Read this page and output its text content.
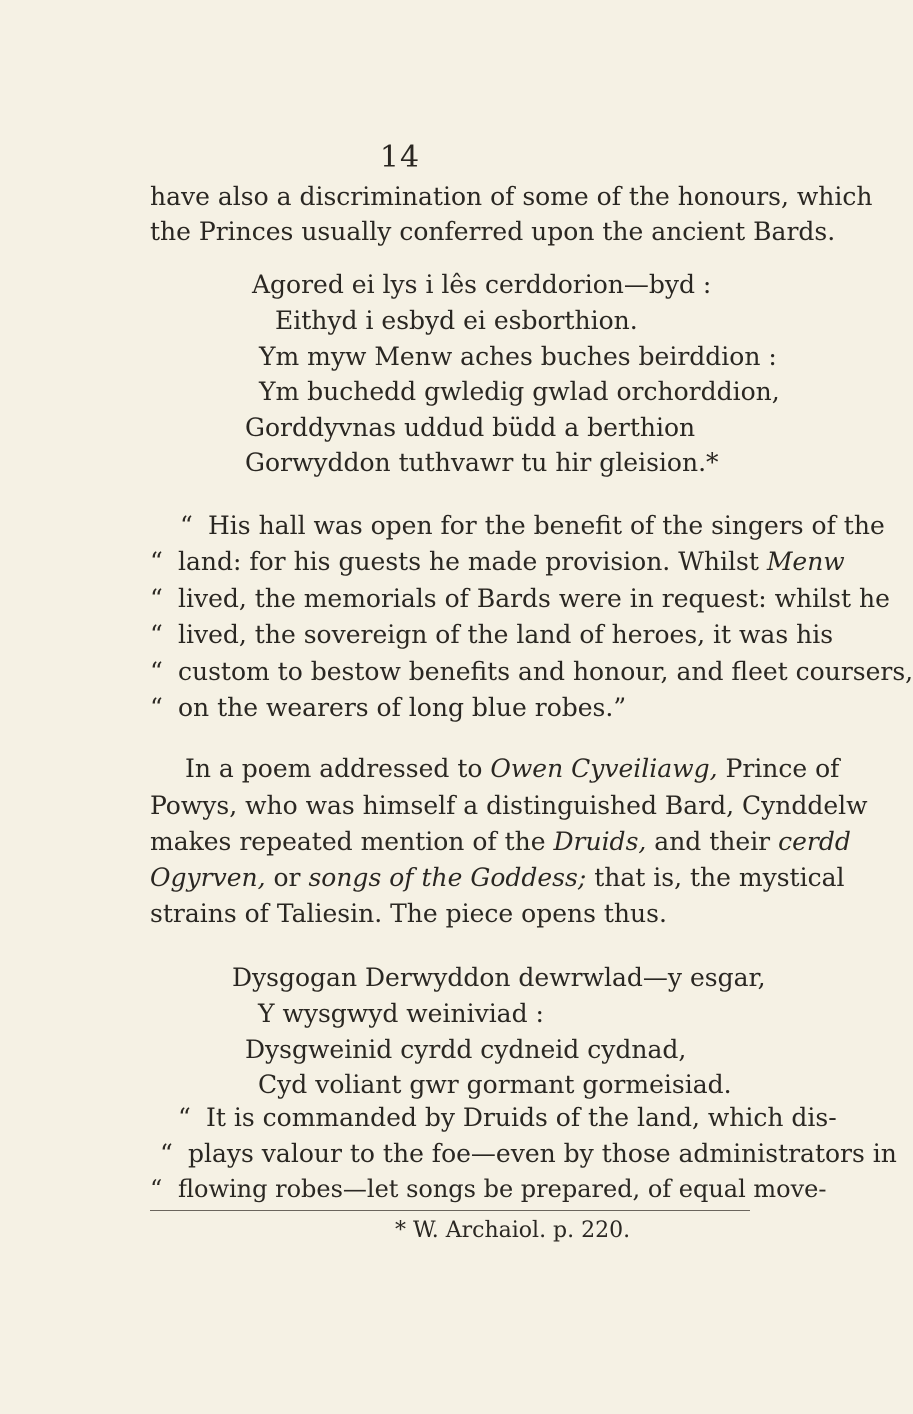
14
have also a discrimination of some of the honours, which
the Princes usually conferred upon the ancient Bards.
Agored ei lys i lês cerddorion—byd :
Eithyd i esbyd ei esborthion.
Ym myw Menw aches buches beirddion :
Ym buchedd gwledig gwlad orchorddion,
Gorddyvnas uddud büdd a berthion
Gorwyddon tuthvawr tu hir gleision.*
“ His hall was open for the benefit of the singers of the
“ land: for his guests he made provision. Whilst Menw
“ lived, the memorials of Bards were in request: whilst he
“ lived, the sovereign of the land of heroes, it was his
“ custom to bestow benefits and honour, and fleet coursers,
“ on the wearers of long blue robes.”
In a poem addressed to Owen Cyveiliawg, Prince of
Powys, who was himself a distinguished Bard, Cynddelw
makes repeated mention of the Druids, and their cerdd
Ogyrven, or songs of the Goddess; that is, the mystical
strains of Taliesin. The piece opens thus.
Dysgogan Derwyddon dewrwlad—y esgar,
Y wysgwyd weiniviad :
Dysgweinid cyrdd cydneid cydnad,
Cyd voliant gwr gormant gormeisiad.
“ It is commanded by Druids of the land, which dis-
“ plays valour to the foe—even by those administrators in
“ flowing robes—let songs be prepared, of equal move-
* W. Archaiol. p. 220.
